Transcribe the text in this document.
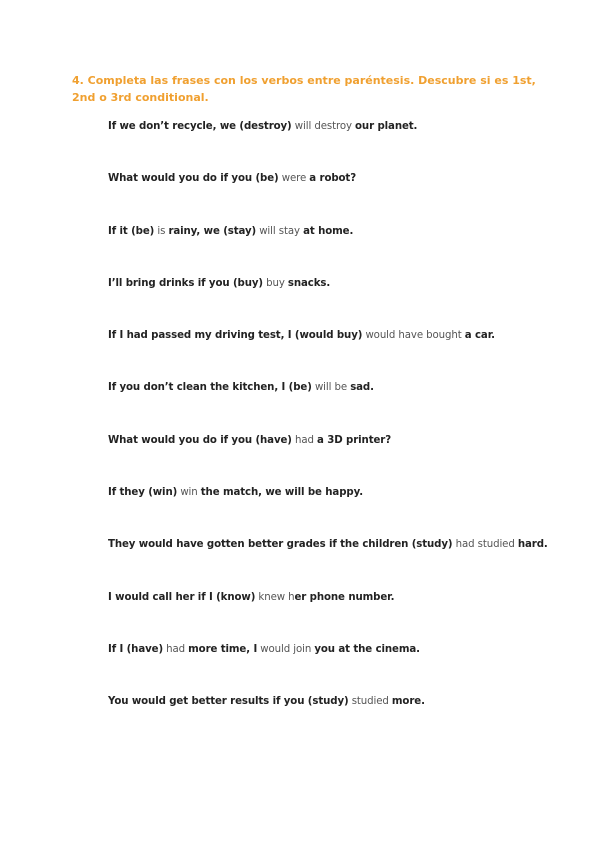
4. Completa las frases con los verbos entre paréntesis. Descubre si es 1st, 2nd o 3rd conditional.
If we don’t recycle, we (destroy) will destroy our planet.
What would you do if you (be) were a robot?
If it (be) is rainy, we (stay) will stay at home.
I’ll bring drinks if you (buy) buy snacks.
If I had passed my driving test, I (would buy) would have bought a car.
If you don’t clean the kitchen, I (be) will be sad.
What would you do if you (have) had a 3D printer?
If they (win) win the match, we will be happy.
They would have gotten better grades if the children (study) had studied hard.
I would call her if I (know) knew her phone number.
If I (have) had more time, I would join you at the cinema.
You would get better results if you (study) studied more.
